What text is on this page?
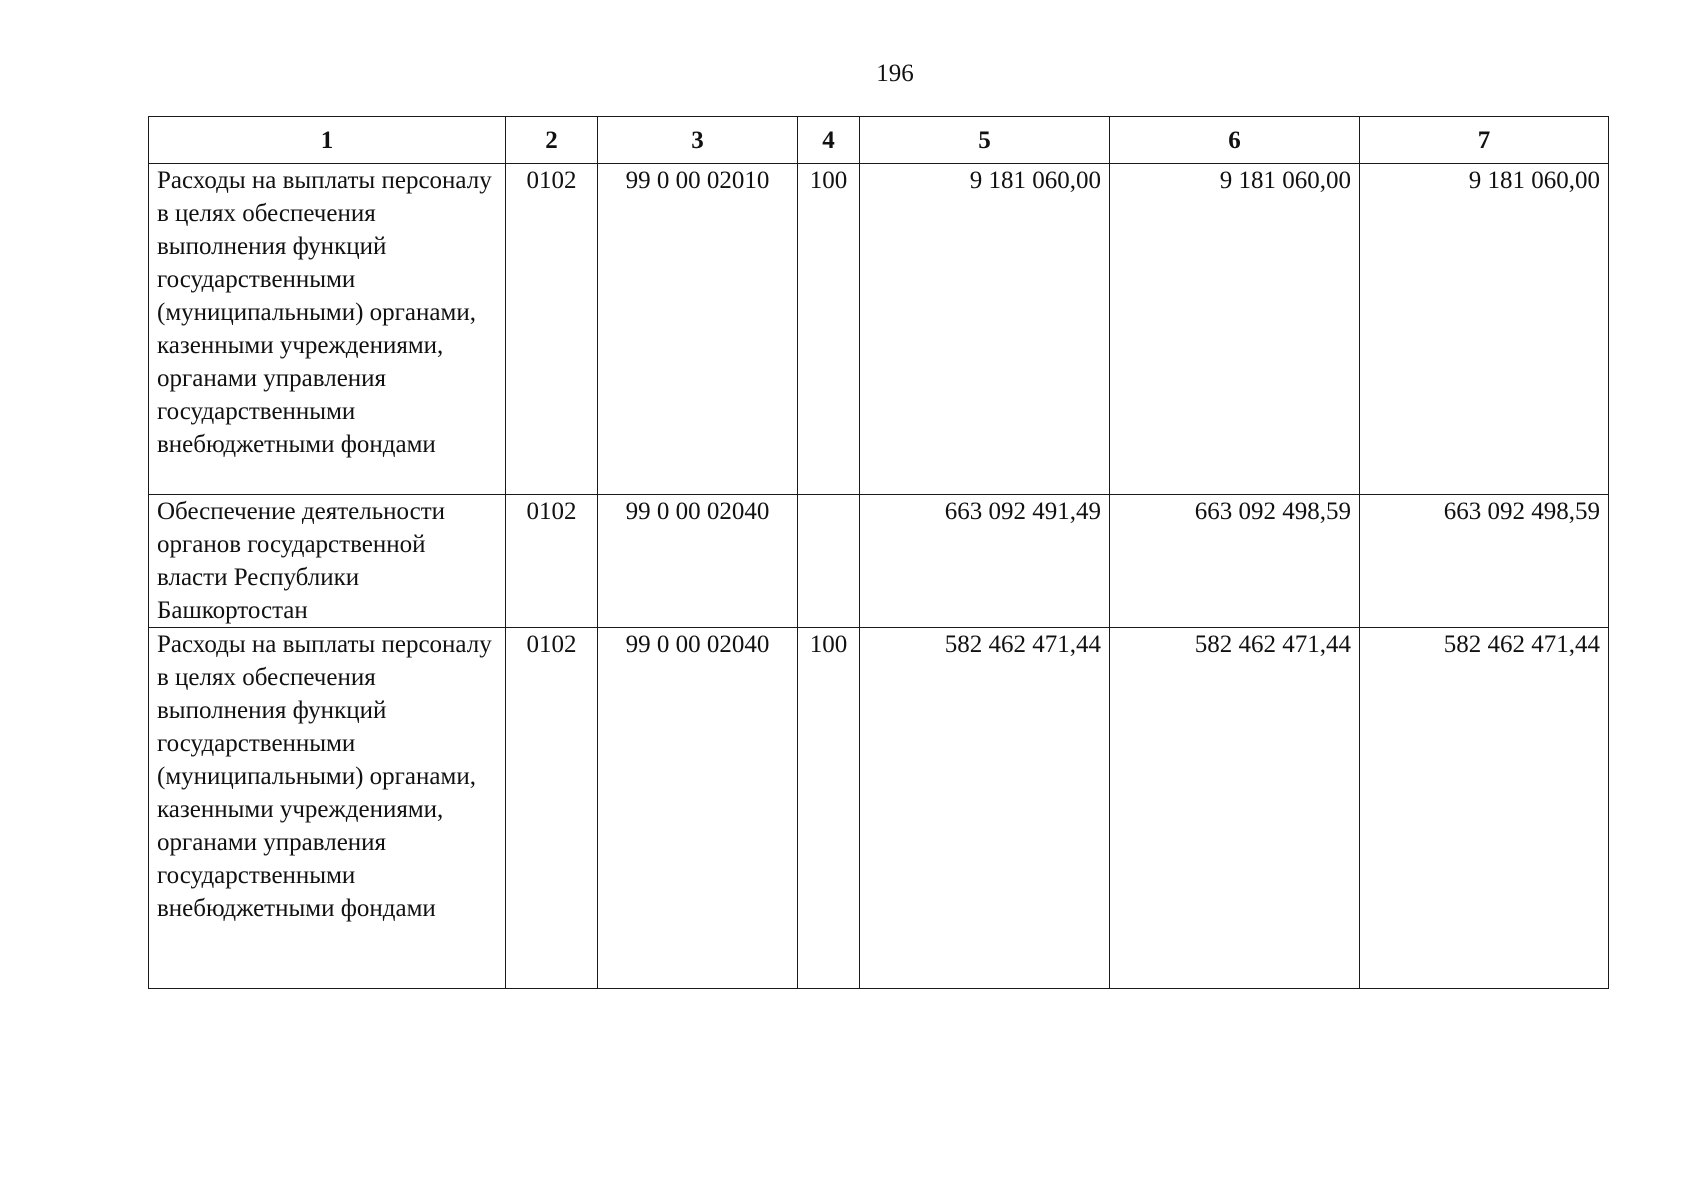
196
1	2	3	4	5	6	7

Расходы на выплаты персоналу в целях обеспечения выполнения функций государственными (муниципальными) органами, казенными учреждениями, органами управления государственными внебюджетными фондами	0102	99 0 00 02010	100	9 181 060,00	9 181 060,00	9 181 060,00

Обеспечение деятельности органов государственной власти Республики Башкортостан	0102	99 0 00 02040		663 092 491,49	663 092 498,59	663 092 498,59

Расходы на выплаты персоналу в целях обеспечения выполнения функций государственными (муниципальными) органами, казенными учреждениями, органами управления государственными внебюджетными фондами	0102	99 0 00 02040	100	582 462 471,44	582 462 471,44	582 462 471,44
